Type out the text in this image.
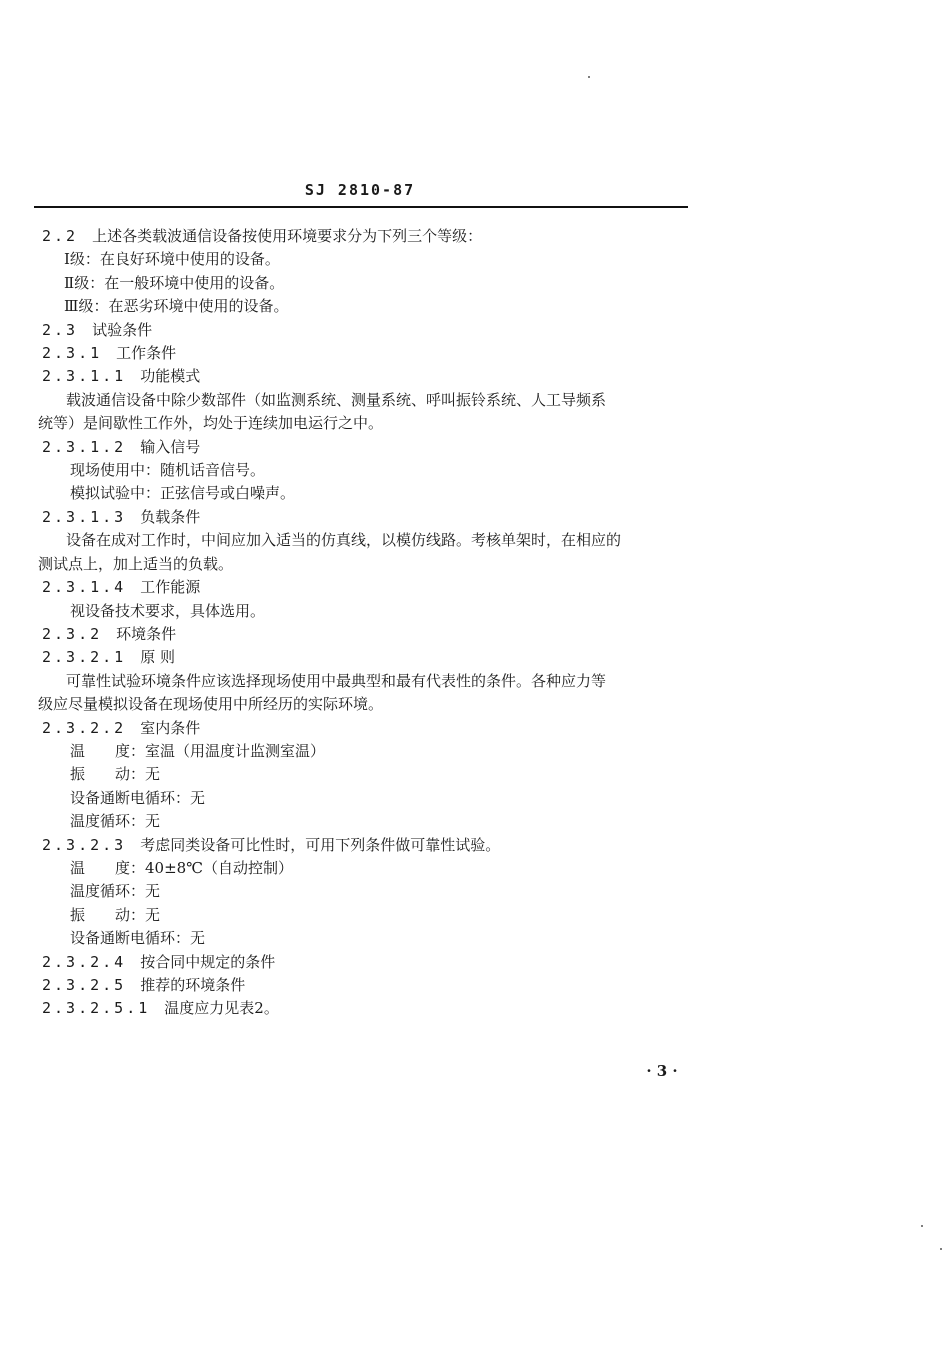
SJ 2810-87
2.2 上述各类载波通信设备按使用环境要求分为下列三个等级：
Ⅰ级：在良好环境中使用的设备。
Ⅱ级：在一般环境中使用的设备。
Ⅲ级：在恶劣环境中使用的设备。
2.3 试验条件
2.3.1 工作条件
2.3.1.1 功能模式
载波通信设备中除少数部件（如监测系统、测量系统、呼叫振铃系统、人工导频系
统等）是间歇性工作外，均处于连续加电运行之中。
2.3.1.2 输入信号
现场使用中：随机话音信号。
模拟试验中：正弦信号或白噪声。
2.3.1.3 负载条件
设备在成对工作时，中间应加入适当的仿真线，以模仿线路。考核单架时，在相应的
测试点上，加上适当的负载。
2.3.1.4 工作能源
视设备技术要求，具体选用。
2.3.2 环境条件
2.3.2.1 原 则
可靠性试验环境条件应该选择现场使用中最典型和最有代表性的条件。各种应力等
级应尽量模拟设备在现场使用中所经历的实际环境。
2.3.2.2 室内条件
温　　度：室温（用温度计监测室温）
振　　动：无
设备通断电循环：无
温度循环：无
2.3.2.3 考虑同类设备可比性时，可用下列条件做可靠性试验。
温　　度：40±8℃（自动控制）
温度循环：无
振　　动：无
设备通断电循环：无
2.3.2.4 按合同中规定的条件
2.3.2.5 推荐的环境条件
2.3.2.5.1 温度应力见表2。
· 3 ·
